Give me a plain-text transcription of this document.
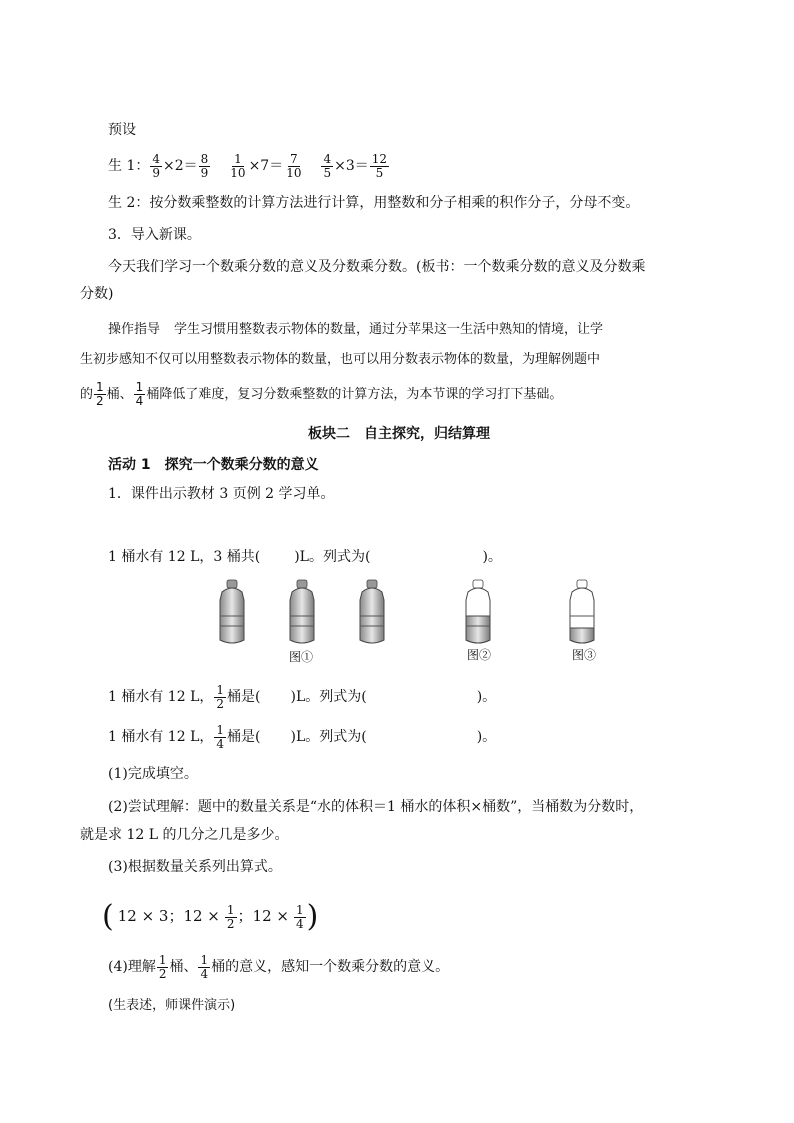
预设
生 1： $\frac{4}{9} \times 2= \frac{8}{9} \frac{1}{10} \times 7= \frac{7}{10} \frac{4}{5} \times 3= \frac{12}{5}$
生 2：按分数乘整数的计算方法进行计算，用整数和分子相乘的积作分子，分母不变。
3．导入新课。
今天我们学习一个数乘分数的意义及分数乘分数。(板书：一个数乘分数的意义及分数乘
分数)
操作指导 学生习惯用整数表示物体的数量，通过分苹果这一生活中熟知的情境，让学
生初步感知不仅可以用整数表示物体的数量，也可以用分数表示物体的数量，为理解例题中
的 $\frac{1}{2}$ 桶、 $\frac{1}{4}$ 桶降低了难度，复习分数乘整数的计算方法，为本节课的学习打下基础。
板块二　自主探究，归结算理
活动 1　探究一个数乘分数的意义
1．课件出示教材 3 页例 2 学习单。
1 桶水有 12 L，3 桶共( )L。列式为(	)。
图①	图②	图③
1 桶水有 12 L， $\frac{1}{2}$ 桶是( )L。列式为(	)。
1 桶水有 12 L， $\frac{1}{4}$ 桶是( )L。列式为(	)。
(1)完成填空。
(2)尝试理解：题中的数量关系是“水的体积＝1 桶水的体积×桶数”，当桶数为分数时，
就是求 12 L 的几分之几是多少。
(3)根据数量关系列出算式。
( 12 × 3；$12 \times \frac{1}{2}$ ；$12 \times \frac{1}{4}$ )
(4)理解 $\frac{1}{2}$ 桶、 $\frac{1}{4}$ 桶的意义，感知一个数乘分数的意义。
(生表述，师课件演示)
